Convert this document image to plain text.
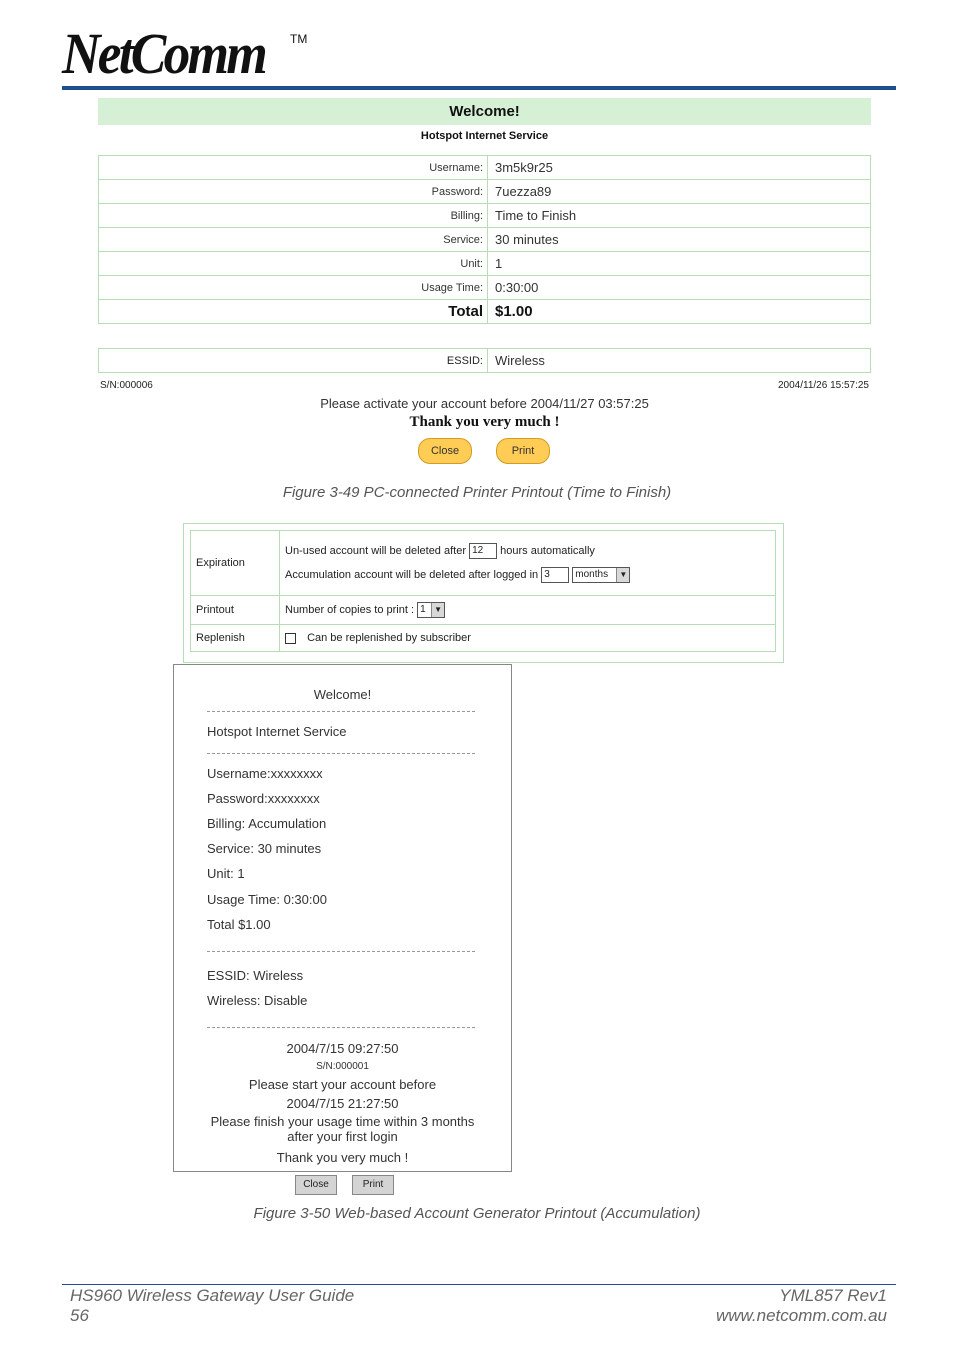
NetComm TM
Welcome!
Hotspot Internet Service
Username:	3m5k9r25
Password:	7uezza89
Billing:	Time to Finish
Service:	30 minutes
Unit:	1
Usage Time:	0:30:00
Total	$1.00
ESSID:	Wireless
S/N:000006	2004/11/26 15:57:25
Please activate your account before 2004/11/27 03:57:25
Thank you very much !
Close	Print
Figure 3-49 PC-connected Printer Printout (Time to Finish)
Expiration	Un-used account will be deleted after 12 hours automatically
Accumulation account will be deleted after logged in 3 months ▼

Printout	Number of copies to print : 1 ▼

Replenish	Can be replenished by subscriber
Welcome!
Hotspot Internet Service
Username:xxxxxxxx
Password:xxxxxxxx
Billing: Accumulation
Service: 30 minutes
Unit: 1
Usage Time: 0:30:00
Total $1.00
ESSID: Wireless
Wireless: Disable
2004/7/15 09:27:50
S/N:000001
Please start your account before
2004/7/15 21:27:50
Please finish your usage time within 3 months
after your first login
Thank you very much !
Close	Print
Figure 3-50 Web-based Account Generator Printout (Accumulation)
HS960 Wireless Gateway User Guide
56
YML857 Rev1
www.netcomm.com.au
